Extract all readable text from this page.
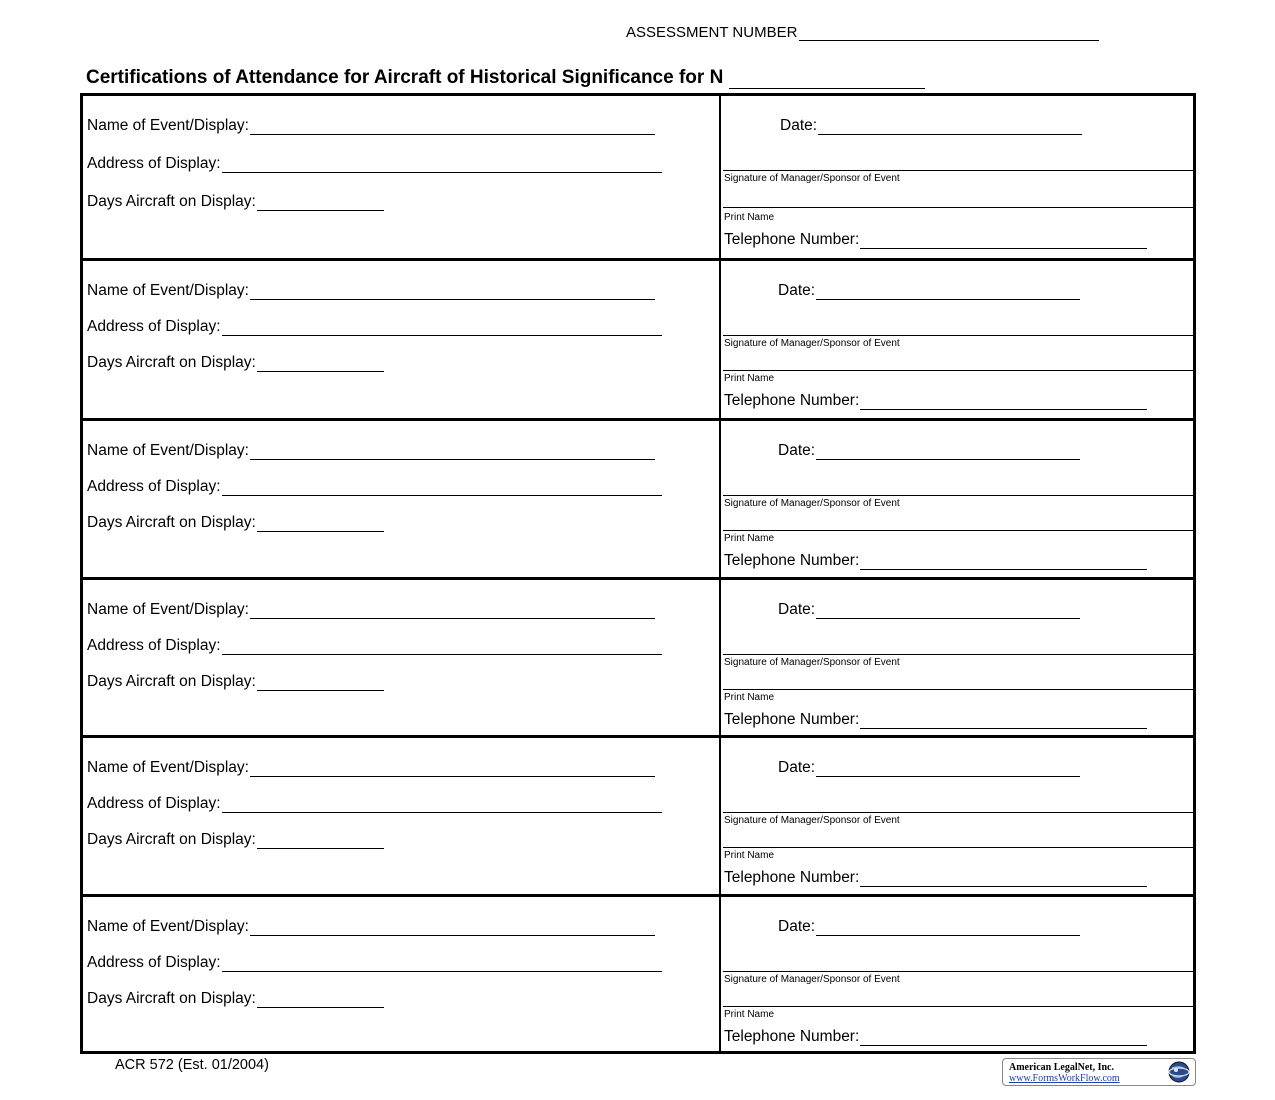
ASSESSMENT NUMBER
Certifications of Attendance for Aircraft of Historical Significance for N
Name of Event/Display:
Address of Display:
Days Aircraft on Display:
Date:
Signature of Manager/Sponsor of Event
Print Name
Telephone Number:
Name of Event/Display:
Address of Display:
Days Aircraft on Display:
Date:
Signature of Manager/Sponsor of Event
Print Name
Telephone Number:
Name of Event/Display:
Address of Display:
Days Aircraft on Display:
Date:
Signature of Manager/Sponsor of Event
Print Name
Telephone Number:
Name of Event/Display:
Address of Display:
Days Aircraft on Display:
Date:
Signature of Manager/Sponsor of Event
Print Name
Telephone Number:
Name of Event/Display:
Address of Display:
Days Aircraft on Display:
Date:
Signature of Manager/Sponsor of Event
Print Name
Telephone Number:
Name of Event/Display:
Address of Display:
Days Aircraft on Display:
Date:
Signature of Manager/Sponsor of Event
Print Name
Telephone Number:
ACR 572 (Est. 01/2004)	American LegalNet, Inc.
www.FormsWorkFlow.com
